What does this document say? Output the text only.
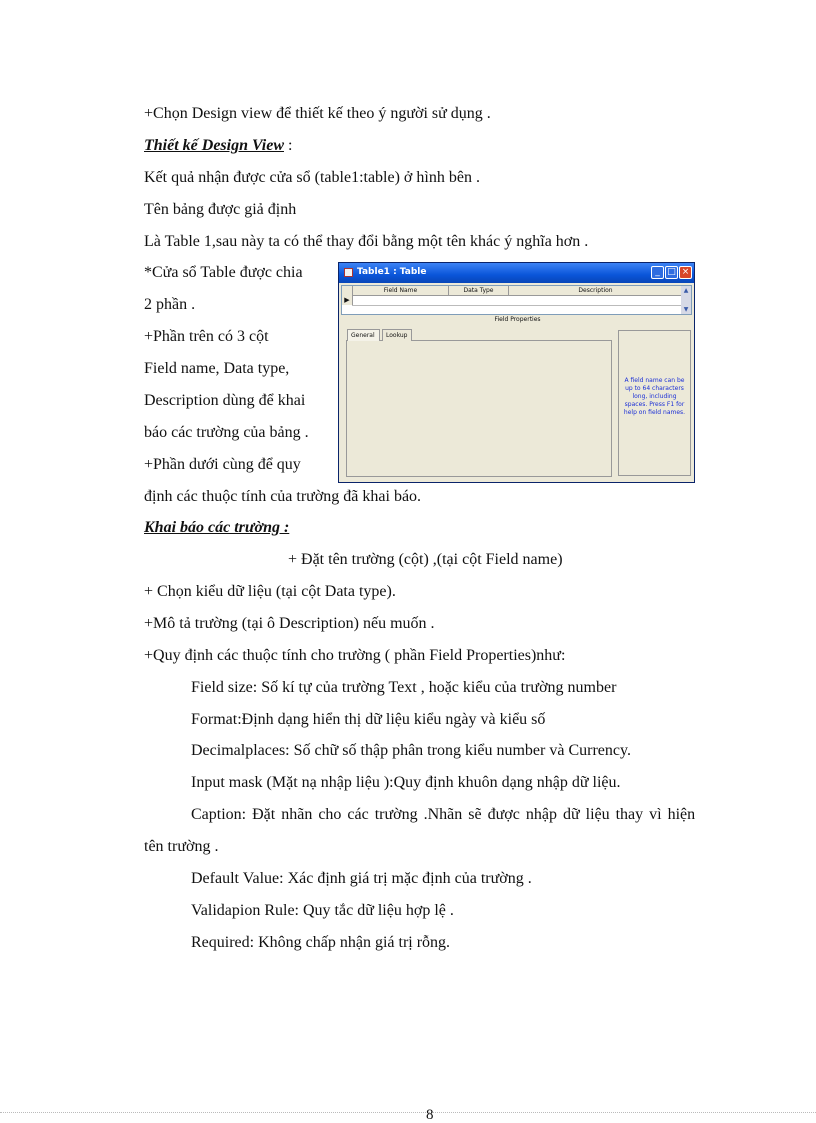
+Chọn Design view để thiết kế theo ý người sử dụng .
Thiết kế Design View :
Kết quả nhận được cửa sổ (table1:table) ở hình bên .
Tên bảng được giả định
Là Table 1,sau này ta có thể thay đổi bằng một tên khác ý nghĩa hơn .
*Cửa sổ Table được chia
2 phần .
+Phần trên có 3 cột
Field name, Data type,
Description dùng để khai
báo các trường của bảng .
+Phần dưới cùng để quy
định các thuộc tính của trường đã khai báo.
Khai báo các trường :
+ Đặt tên trường (cột) ,(tại cột Field name)
+ Chọn kiểu dữ liệu (tại cột Data type).
+Mô tả trường (tại ô Description) nếu muốn .
+Quy định các thuộc tính cho trường ( phần Field Properties)như:
Field size: Số kí tự của trường Text , hoặc kiểu của trường number
Format:Định dạng hiển thị dữ liệu kiểu ngày và kiểu số
Decimalplaces: Số chữ số thập phân trong kiểu number và Currency.
Input mask (Mặt nạ nhập liệu ):Quy định khuôn dạng nhập dữ liệu.
Caption: Đặt nhãn cho các trường .Nhãn sẽ được nhập dữ liệu thay vì hiện
tên trường .
Default Value: Xác định giá trị mặc định của trường .
Validapion Rule: Quy tắc dữ liệu hợp lệ .
Required: Không chấp nhận giá trị rỗng.
Table1 : Table	_ □ ×
Field Name	Data Type	Description
▶
▲
▼
Field Properties
General	Lookup
A field name can be up to 64 characters long, including spaces. Press F1 for help on field names.
8
